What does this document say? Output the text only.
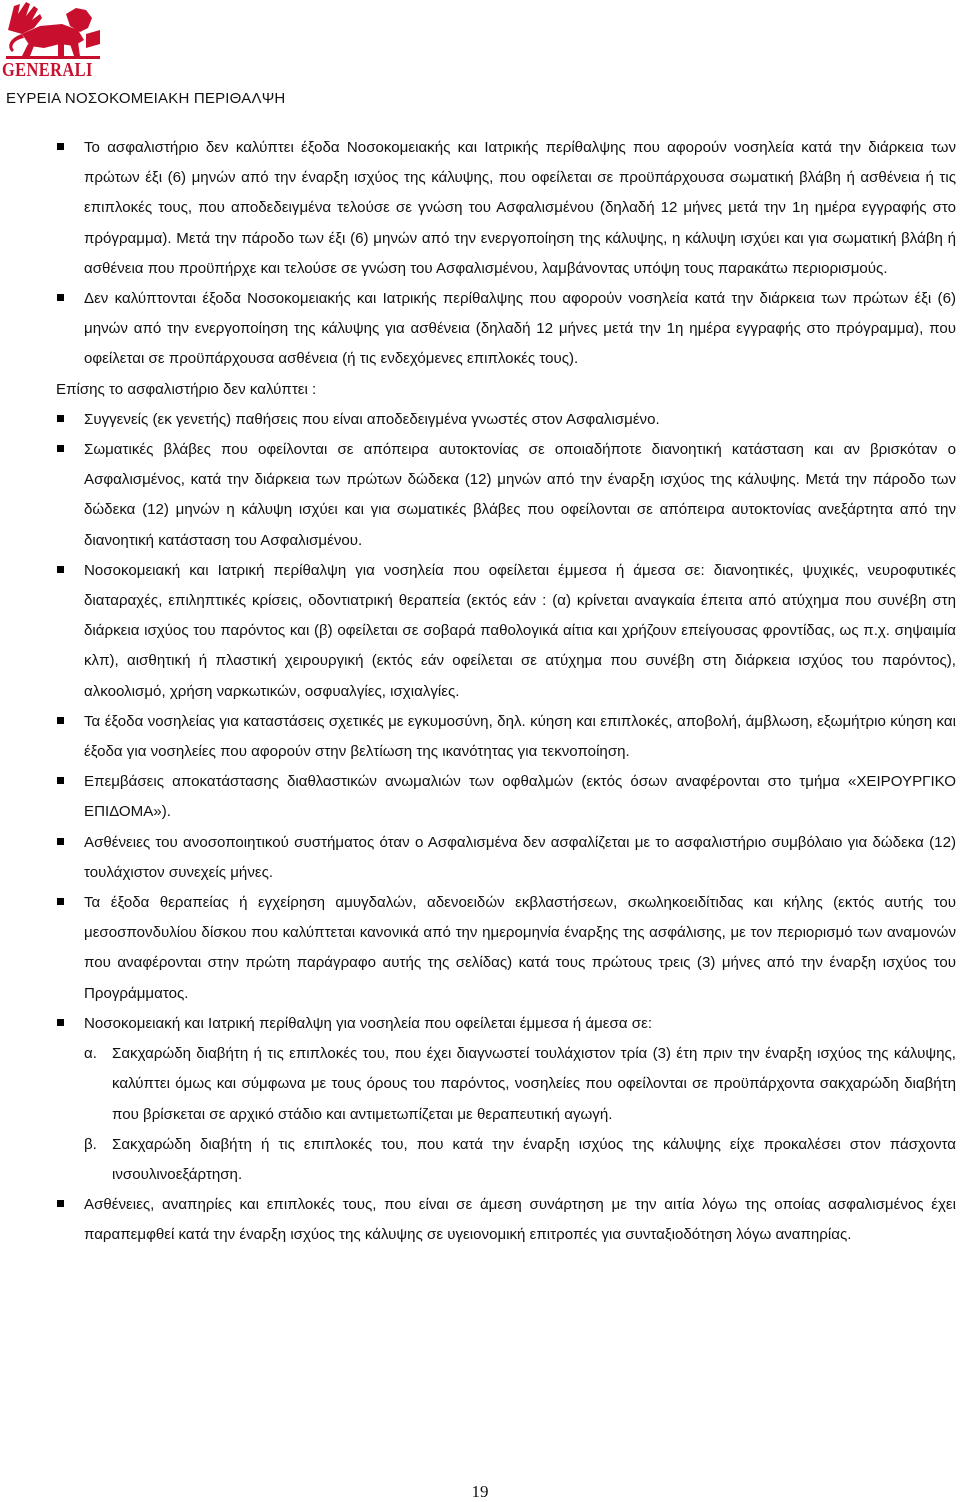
GENERALI
ΕΥΡΕΙΑ ΝΟΣΟΚΟΜΕΙΑΚΗ ΠΕΡΙΘΑΛΨΗ

Το ασφαλιστήριο δεν καλύπτει έξοδα Νοσοκομειακής και Ιατρικής περίθαλψης που αφορούν νοσηλεία κατά την διάρκεια των πρώτων έξι (6) μηνών από την έναρξη ισχύος της κάλυψης, που οφείλεται σε προϋπάρχουσα σωματική βλάβη ή ασθένεια ή τις επιπλοκές τους, που αποδεδειγμένα τελούσε σε γνώση του Ασφαλισμένου (δηλαδή 12 μήνες μετά την 1η ημέρα εγγραφής στο πρόγραμμα). Μετά την πάροδο των έξι (6) μηνών από την ενεργοποίηση της κάλυψης, η κάλυψη ισχύει και για σωματική βλάβη ή ασθένεια που προϋπήρχε και τελούσε σε γνώση του Ασφαλισμένου, λαμβάνοντας υπόψη τους παρακάτω περιορισμούς.

Δεν καλύπτονται έξοδα Νοσοκομειακής και Ιατρικής περίθαλψης που αφορούν νοσηλεία κατά την διάρκεια των πρώτων έξι (6) μηνών από την ενεργοποίηση της κάλυψης για ασθένεια (δηλαδή 12 μήνες μετά την 1η ημέρα εγγραφής στο πρόγραμμα), που οφείλεται σε προϋπάρχουσα ασθένεια (ή τις ενδεχόμενες επιπλοκές τους).

Επίσης το ασφαλιστήριο δεν καλύπτει :

Συγγενείς (εκ γενετής) παθήσεις που είναι αποδεδειγμένα γνωστές στον Ασφαλισμένο.

Σωματικές βλάβες που οφείλονται σε απόπειρα αυτοκτονίας σε οποιαδήποτε διανοητική κατάσταση και αν βρισκόταν ο Ασφαλισμένος, κατά την διάρκεια των πρώτων δώδεκα (12) μηνών από την έναρξη ισχύος της κάλυψης. Μετά την πάροδο των δώδεκα (12) μηνών η κάλυψη ισχύει και για σωματικές βλάβες που οφείλονται σε απόπειρα αυτοκτονίας ανεξάρτητα από την διανοητική κατάσταση του Ασφαλισμένου.

Νοσοκομειακή και Ιατρική περίθαλψη για νοσηλεία που οφείλεται έμμεσα ή άμεσα σε: διανοητικές, ψυχικές, νευροφυτικές διαταραχές, επιληπτικές κρίσεις, οδοντιατρική θεραπεία (εκτός εάν : (α) κρίνεται αναγκαία έπειτα από ατύχημα που συνέβη στη διάρκεια ισχύος του παρόντος και (β) οφείλεται σε σοβαρά παθολογικά αίτια και χρήζουν επείγουσας φροντίδας, ως π.χ. σηψαιμία κλπ), αισθητική ή πλαστική χειρουργική (εκτός εάν οφείλεται σε ατύχημα που συνέβη στη διάρκεια ισχύος του παρόντος), αλκοολισμό, χρήση ναρκωτικών, οσφυαλγίες, ισχιαλγίες.

Τα έξοδα νοσηλείας για καταστάσεις σχετικές με εγκυμοσύνη, δηλ. κύηση και επιπλοκές, αποβολή, άμβλωση, εξωμήτριο κύηση και έξοδα για νοσηλείες που αφορούν στην βελτίωση της ικανότητας για τεκνοποίηση.

Επεμβάσεις αποκατάστασης διαθλαστικών ανωμαλιών των οφθαλμών (εκτός όσων αναφέρονται στο τμήμα «ΧΕΙΡΟΥΡΓΙΚΟ ΕΠΙΔΟΜΑ»).

Ασθένειες του ανοσοποιητικού συστήματος όταν ο Ασφαλισμένα δεν ασφαλίζεται με το ασφαλιστήριο συμβόλαιο για δώδεκα (12) τουλάχιστον συνεχείς μήνες.

Τα έξοδα θεραπείας ή εγχείρηση αμυγδαλών, αδενοειδών εκβλαστήσεων, σκωληκοειδίτιδας και κήλης (εκτός αυτής του μεσοσπονδυλίου δίσκου που καλύπτεται κανονικά από την ημερομηνία έναρξης της ασφάλισης, με τον περιορισμό των αναμονών που αναφέρονται στην πρώτη παράγραφο αυτής της σελίδας) κατά τους πρώτους τρεις (3) μήνες από την έναρξη ισχύος του Προγράμματος.

Νοσοκομειακή και Ιατρική περίθαλψη για νοσηλεία που οφείλεται έμμεσα ή άμεσα σε:

α. Σακχαρώδη διαβήτη ή τις επιπλοκές του, που έχει διαγνωστεί τουλάχιστον τρία (3) έτη πριν την έναρξη ισχύος της κάλυψης, καλύπτει όμως και σύμφωνα με τους όρους του παρόντος, νοσηλείες που οφείλονται σε προϋπάρχοντα σακχαρώδη διαβήτη που βρίσκεται σε αρχικό στάδιο και αντιμετωπίζεται με θεραπευτική αγωγή.

β. Σακχαρώδη διαβήτη ή τις επιπλοκές του, που κατά την έναρξη ισχύος της κάλυψης είχε προκαλέσει στον πάσχοντα ινσουλινοεξάρτηση.

Ασθένειες, αναπηρίες και επιπλοκές τους, που είναι σε άμεση συνάρτηση με την αιτία λόγω της οποίας ασφαλισμένος έχει παραπεμφθεί κατά την έναρξη ισχύος της κάλυψης σε υγειονομική επιτροπές για συνταξιοδότηση λόγω αναπηρίας.

19
